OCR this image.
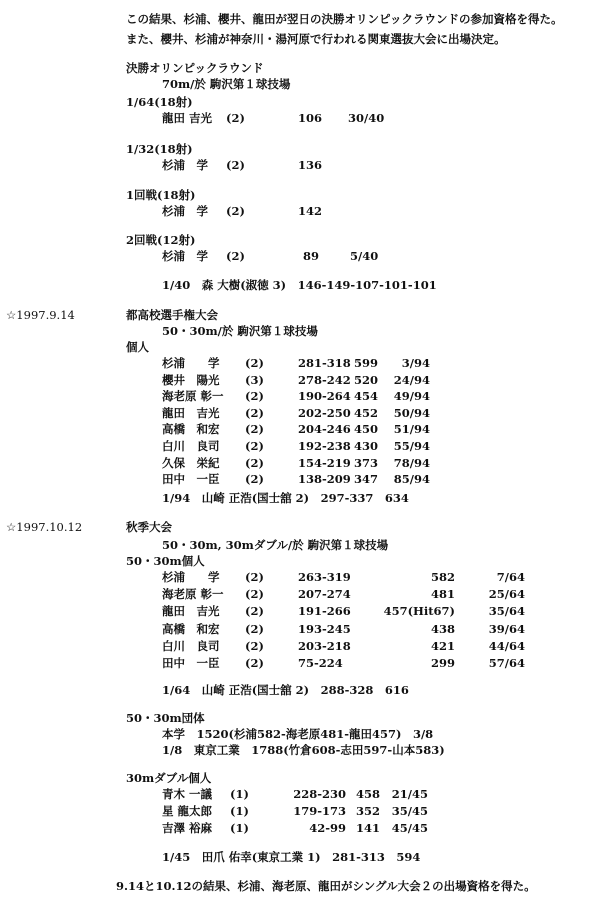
この結果、杉浦、櫻井、龍田が翌日の決勝オリンピックラウンドの参加資格を得た。
また、櫻井、杉浦が神奈川・湯河原で行われる関東選抜大会に出場決定。
決勝オリンピックラウンド
70m/於 駒沢第１球技場
1/64(18射)
龍田 吉光 (2)	106 30/40
1/32(18射)
杉浦　学 (2)	136
1回戦(18射)
杉浦　学 (2)	142
2回戦(12射)
杉浦　学 (2)	89	5/40
1/40　森 大樹(淑徳 3)　146-149-107-101-101
☆1997.9.14	都高校選手権大会
50・30m/於 駒沢第１球技場
個人
杉浦　　学 (2)	281-318 599	3/94
櫻井　陽光 (3)	278-242 520	24/94
海老原 彰一 (2)	190-264 454	49/94
龍田　吉光 (2)	202-250 452	50/94
高橋　和宏 (2)	204-246 450	51/94
白川　良司 (2)	192-238 430	55/94
久保　栄紀 (2)	154-219 373	78/94
田中　一臣 (2)	138-209 347	85/94
1/94　山崎 正浩(国士舘 2)　297-337　634
☆1997.10.12	秋季大会
50・30m, 30mダブル/於 駒沢第１球技場
50・30m個人
杉浦　　学 (2)	263-319	582	7/64
海老原 彰一 (2)	207-274	481	25/64
龍田　吉光 (2)	191-266	457(Hit67)	35/64
高橋　和宏 (2)	193-245	438	39/64
白川　良司 (2)	203-218	421	44/64
田中　一臣 (2)	75-224	299	57/64
1/64　山崎 正浩(国士舘 2)　288-328　616
50・30m団体
本学　1520(杉浦582-海老原481-龍田457)　3/8
1/8　東京工業　1788(竹倉608-志田597-山本583)
30mダブル個人
青木 一議 (1)	228-230 458	21/45
星 龍太郎 (1)	179-173 352	35/45
吉澤 裕麻 (1)	42-99 141	45/45
1/45　田爪 佑幸(東京工業 1)　281-313　594
9.14と10.12の結果、杉浦、海老原、龍田がシングル大会２の出場資格を得た。
